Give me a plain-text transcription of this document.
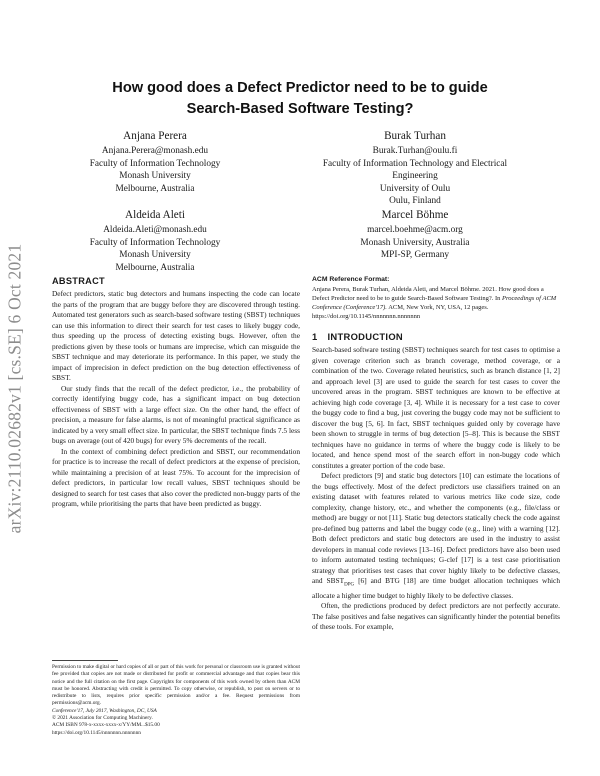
arXiv:2110.02682v1 [cs.SE] 6 Oct 2021
How good does a Defect Predictor need to be to guide
Search-Based Software Testing?
Anjana Perera
Anjana.Perera@monash.edu
Faculty of Information Technology
Monash University
Melbourne, Australia
Burak Turhan
Burak.Turhan@oulu.fi
Faculty of Information Technology and Electrical
Engineering
University of Oulu
Oulu, Finland
Aldeida Aleti
Aldeida.Aleti@monash.edu
Faculty of Information Technology
Monash University
Melbourne, Australia
Marcel Böhme
marcel.boehme@acm.org
Monash University, Australia
MPI-SP, Germany
ABSTRACT

Defect predictors, static bug detectors and humans inspecting the code can locate the parts of the program that are buggy before they are discovered through testing. Automated test generators such as search-based software testing (SBST) techniques can use this information to direct their search for test cases to likely buggy code, thus speeding up the process of detecting existing bugs. However, often the predictions given by these tools or humans are imprecise, which can misguide the SBST technique and may deteriorate its performance. In this paper, we study the impact of imprecision in defect prediction on the bug detection effectiveness of SBST.

Our study finds that the recall of the defect predictor, i.e., the probability of correctly identifying buggy code, has a significant impact on bug detection effectiveness of SBST with a large effect size. On the other hand, the effect of precision, a measure for false alarms, is not of meaningful practical significance as indicated by a very small effect size. In particular, the SBST technique finds 7.5 less bugs on average (out of 420 bugs) for every 5% decrements of the recall.

In the context of combining defect prediction and SBST, our recommendation for practice is to increase the recall of defect predictors at the expense of precision, while maintaining a precision of at least 75%. To account for the imprecision of defect predictors, in particular low recall values, SBST techniques should be designed to search for test cases that also cover the predicted non-buggy parts of the program, while prioritising the parts that have been predicted as buggy.

Permission to make digital or hard copies of all or part of this work for personal or classroom use is granted without fee provided that copies are not made or distributed for profit or commercial advantage and that copies bear this notice and the full citation on the first page. Copyrights for components of this work owned by others than ACM must be honored. Abstracting with credit is permitted. To copy otherwise, or republish, to post on servers or to redistribute to lists, requires prior specific permission and/or a fee. Request permissions from permissions@acm.org.

Conference'17, July 2017, Washington, DC, USA

© 2021 Association for Computing Machinery.

ACM ISBN 978-x-xxxx-xxxx-x/YY/MM...$15.00

https://doi.org/10.1145/nnnnnnn.nnnnnnn

ACM Reference Format:

Anjana Perera, Burak Turhan, Aldeida Aleti, and Marcel Böhme. 2021. How good does a Defect Predictor need to be to guide Search-Based Software Testing?. In Proceedings of ACM Conference (Conference'17). ACM, New York, NY, USA, 12 pages. https://doi.org/10.1145/nnnnnnn.nnnnnnn

1 INTRODUCTION

Search-based software testing (SBST) techniques search for test cases to optimise a given coverage criterion such as branch coverage, method coverage, or a combination of the two. Coverage related heuristics, such as branch distance [1, 2] and approach level [3] are used to guide the search for test cases to cover the uncovered areas in the program. SBST techniques are known to be effective at achieving high code coverage [3, 4]. While it is necessary for a test case to cover the buggy code to find a bug, just covering the buggy code may not be sufficient to discover the bug [5, 6]. In fact, SBST techniques guided only by coverage have been shown to struggle in terms of bug detection [5–8]. This is because the SBST techniques have no guidance in terms of where the buggy code is likely to be located, and hence spend most of the search effort in non-buggy code which constitutes a greater portion of the code base.

Defect predictors [9] and static bug detectors [10] can estimate the locations of the bugs effectively. Most of the defect predictors use classifiers trained on an existing dataset with features related to various metrics like code size, code complexity, change history, etc., and whether the components (e.g., file/class or method) are buggy or not [11]. Static bug detectors statically check the code against pre-defined bug patterns and label the buggy code (e.g., line) with a warning [12]. Both defect predictors and static bug detectors are used in the industry to assist developers in manual code reviews [13–16]. Defect predictors have also been used to inform automated testing techniques; G-clef [17] is a test case prioritisation strategy that prioritises test cases that cover highly likely to be defective classes, and $SBST_{DPG}$ [6] and BTG [18] are time budget allocation techniques which allocate a higher time budget to highly likely to be defective classes.

Often, the predictions produced by defect predictors are not perfectly accurate. The false positives and false negatives can significantly hinder the potential benefits of these tools. For example,
